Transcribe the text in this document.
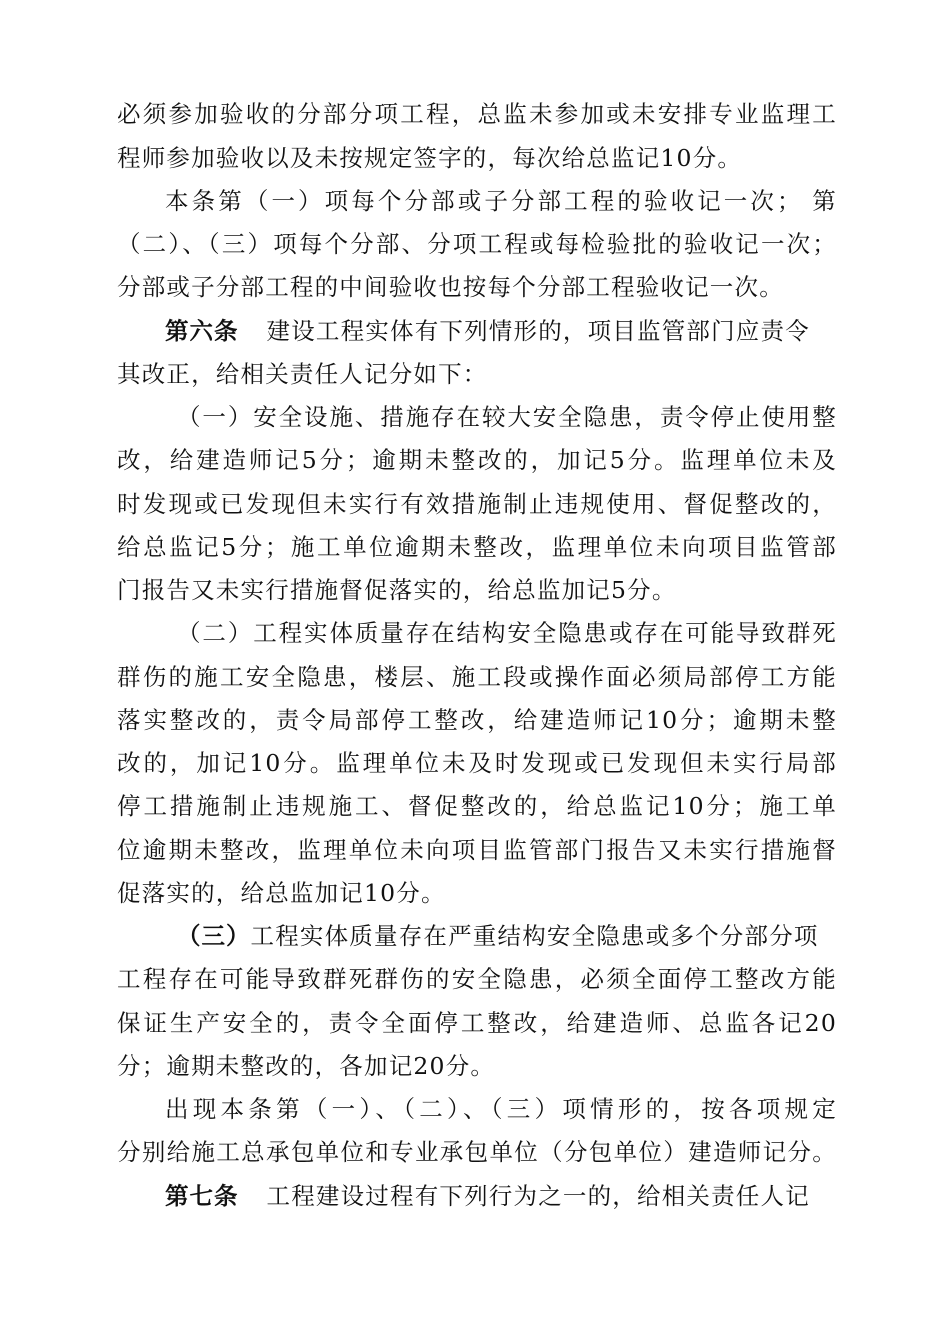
必须参加验收的分部分项工程，总监未参加或未安排专业监理工
程师参加验收以及未按规定签字的，每次给总监记10分。
本条第（一）项每个分部或子分部工程的验收记一次； 第
（二）、（三）项每个分部、分项工程或每检验批的验收记一次；
分部或子分部工程的中间验收也按每个分部工程验收记一次。
第六条 建设工程实体有下列情形的，项目监管部门应责令
其改正，给相关责任人记分如下：
（一）安全设施、措施存在较大安全隐患，责令停止使用整
改，给建造师记5分；逾期未整改的，加记5分。监理单位未及
时发现或已发现但未实行有效措施制止违规使用、督促整改的，
给总监记5分；施工单位逾期未整改，监理单位未向项目监管部
门报告又未实行措施督促落实的，给总监加记5分。
（二）工程实体质量存在结构安全隐患或存在可能导致群死
群伤的施工安全隐患，楼层、施工段或操作面必须局部停工方能
落实整改的，责令局部停工整改，给建造师记10分；逾期未整
改的，加记10分。监理单位未及时发现或已发现但未实行局部
停工措施制止违规施工、督促整改的，给总监记10分；施工单
位逾期未整改，监理单位未向项目监管部门报告又未实行措施督
促落实的，给总监加记10分。
（三）工程实体质量存在严重结构安全隐患或多个分部分项
工程存在可能导致群死群伤的安全隐患，必须全面停工整改方能
保证生产安全的，责令全面停工整改，给建造师、总监各记20
分；逾期未整改的，各加记20分。
出现本条第（一）、（二）、（三）项情形的，按各项规定
分别给施工总承包单位和专业承包单位（分包单位）建造师记分。
第七条 工程建设过程有下列行为之一的，给相关责任人记
